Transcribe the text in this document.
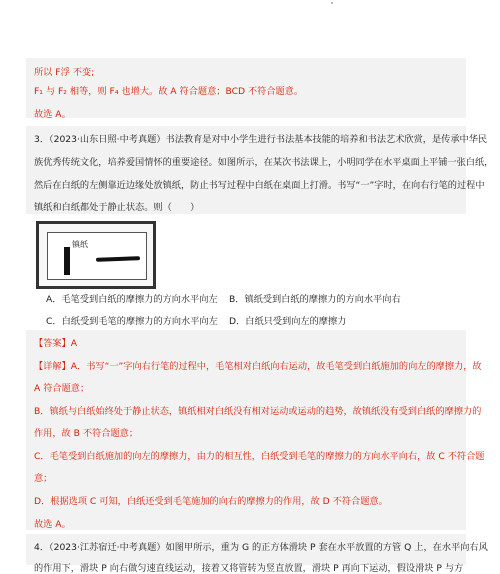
所以 F浮 不变;
F₁ 与 F₂ 相等，则 F₄ 也增大。故 A 符合题意；BCD 不符合题意。
故选 A。
3．（2023·山东日照·中考真题）书法教育是对中小学生进行书法基本技能的培养和书法艺术欣赏，是传承中华民
族优秀传统文化，培养爱国情怀的重要途径。如图所示，在某次书法课上，小明同学在水平桌面上平铺一张白纸，
然后在白纸的左侧靠近边缘处放镇纸，防止书写过程中白纸在桌面上打滑。书写“一”字时，在向右行笔的过程中
镇纸和白纸都处于静止状态。则（　　）
镇纸
A．毛笔受到白纸的摩擦力的方向水平向左 B．镇纸受到白纸的摩擦力的方向水平向右
C．白纸受到毛笔的摩擦力的方向水平向左 D．白纸只受到向左的摩擦力
【答案】A
【详解】A．书写“一”字向右行笔的过程中，毛笔相对白纸向右运动，故毛笔受到白纸施加的向左的摩擦力，故
A 符合题意；
B．镇纸与白纸始终处于静止状态，镇纸相对白纸没有相对运动或运动的趋势，故镇纸没有受到白纸的摩擦力的
作用，故 B 不符合题意；
C．毛笔受到白纸施加的向左的摩擦力，由力的相互性，白纸受到毛笔的摩擦力的方向水平向右，故 C 不符合题
意；
D．根据选项 C 可知，白纸还受到毛笔施加的向右的摩擦力的作用，故 D 不符合题意。
故选 A。
4．（2023·江苏宿迁·中考真题）如图甲所示，重为 G 的正方体滑块 P 套在水平放置的方管 Q 上，在水平向右风
的作用下，滑块 P 向右做匀速直线运动，接着又将管转为竖直放置，滑块 P 再向下运动，假设滑块 P 与方
